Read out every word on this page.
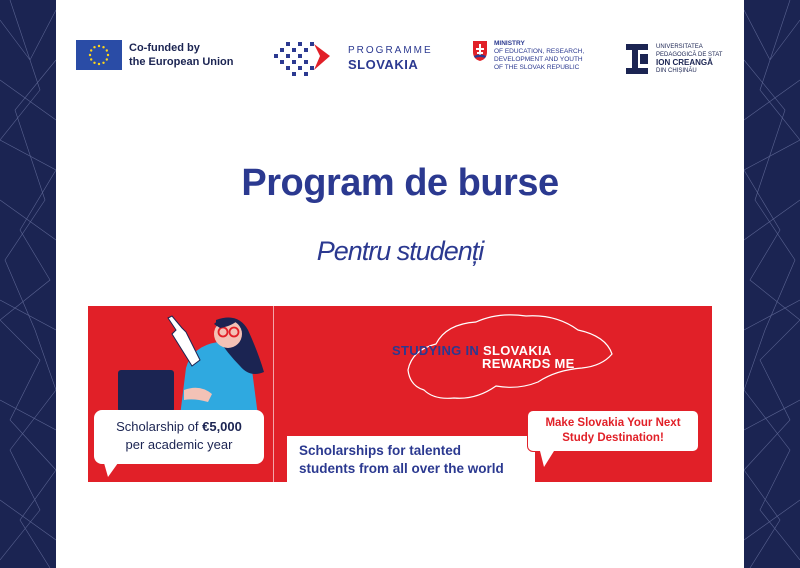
Co-funded by
the European Union
PROGRAMME
SLOVAKIA
MINISTRY
OF EDUCATION, RESEARCH,
DEVELOPMENT AND YOUTH
OF THE SLOVAK REPUBLIC
UNIVERSITATEA
PEDAGOGICĂ DE STAT
ION CREANGĂ
DIN CHIȘINĂU
Program de burse
Pentru studenți
Scholarship of €5,000
per academic year
STUDYING IN SLOVAKIA
REWARDS ME
Scholarships for talented
students from all over the world
Make Slovakia Your Next
Study Destination!
